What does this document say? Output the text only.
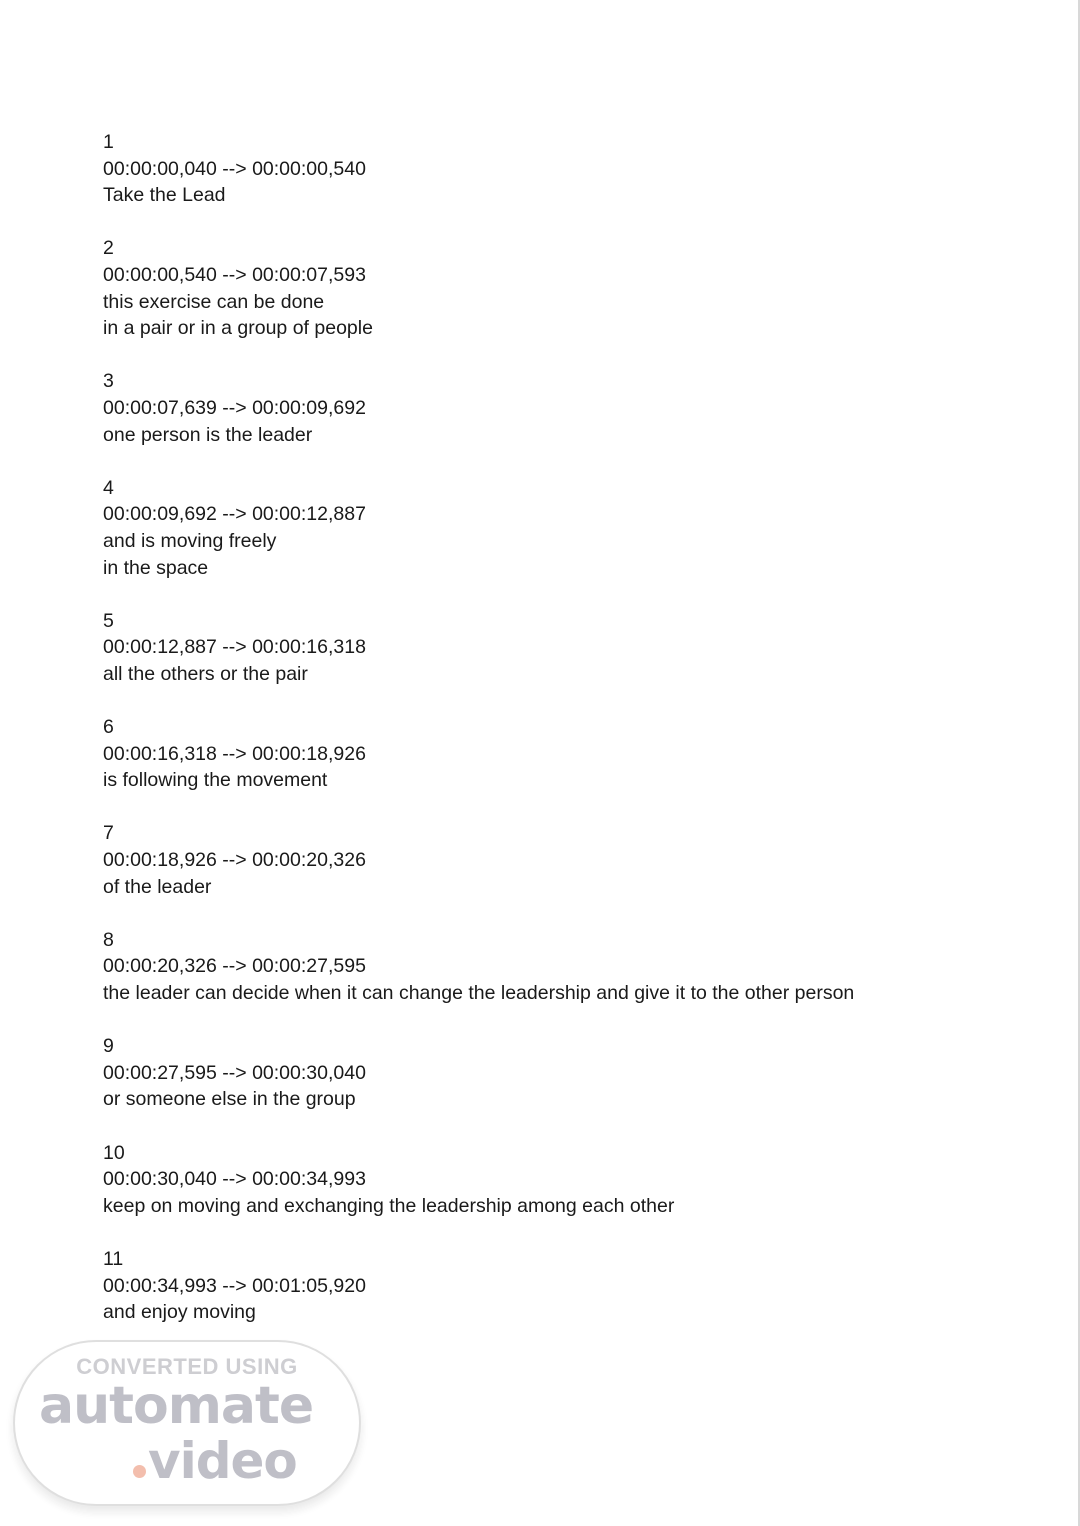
1
00:00:00,040 --> 00:00:00,540
Take the Lead
2
00:00:00,540 --> 00:00:07,593
this exercise can be done
in a pair or in a group of people
3
00:00:07,639 --> 00:00:09,692
one person is the leader
4
00:00:09,692 --> 00:00:12,887
and is moving freely
in the space
5
00:00:12,887 --> 00:00:16,318
all the others or the pair
6
00:00:16,318 --> 00:00:18,926
is following the movement
7
00:00:18,926 --> 00:00:20,326
of the leader
8
00:00:20,326 --> 00:00:27,595
the leader can decide when it can change the leadership and give it to the other person
9
00:00:27,595 --> 00:00:30,040
or someone else in the group
10
00:00:30,040 --> 00:00:34,993
keep on moving and exchanging the leadership among each other
11
00:00:34,993 --> 00:01:05,920
and enjoy moving
CONVERTED USING
automate
video
